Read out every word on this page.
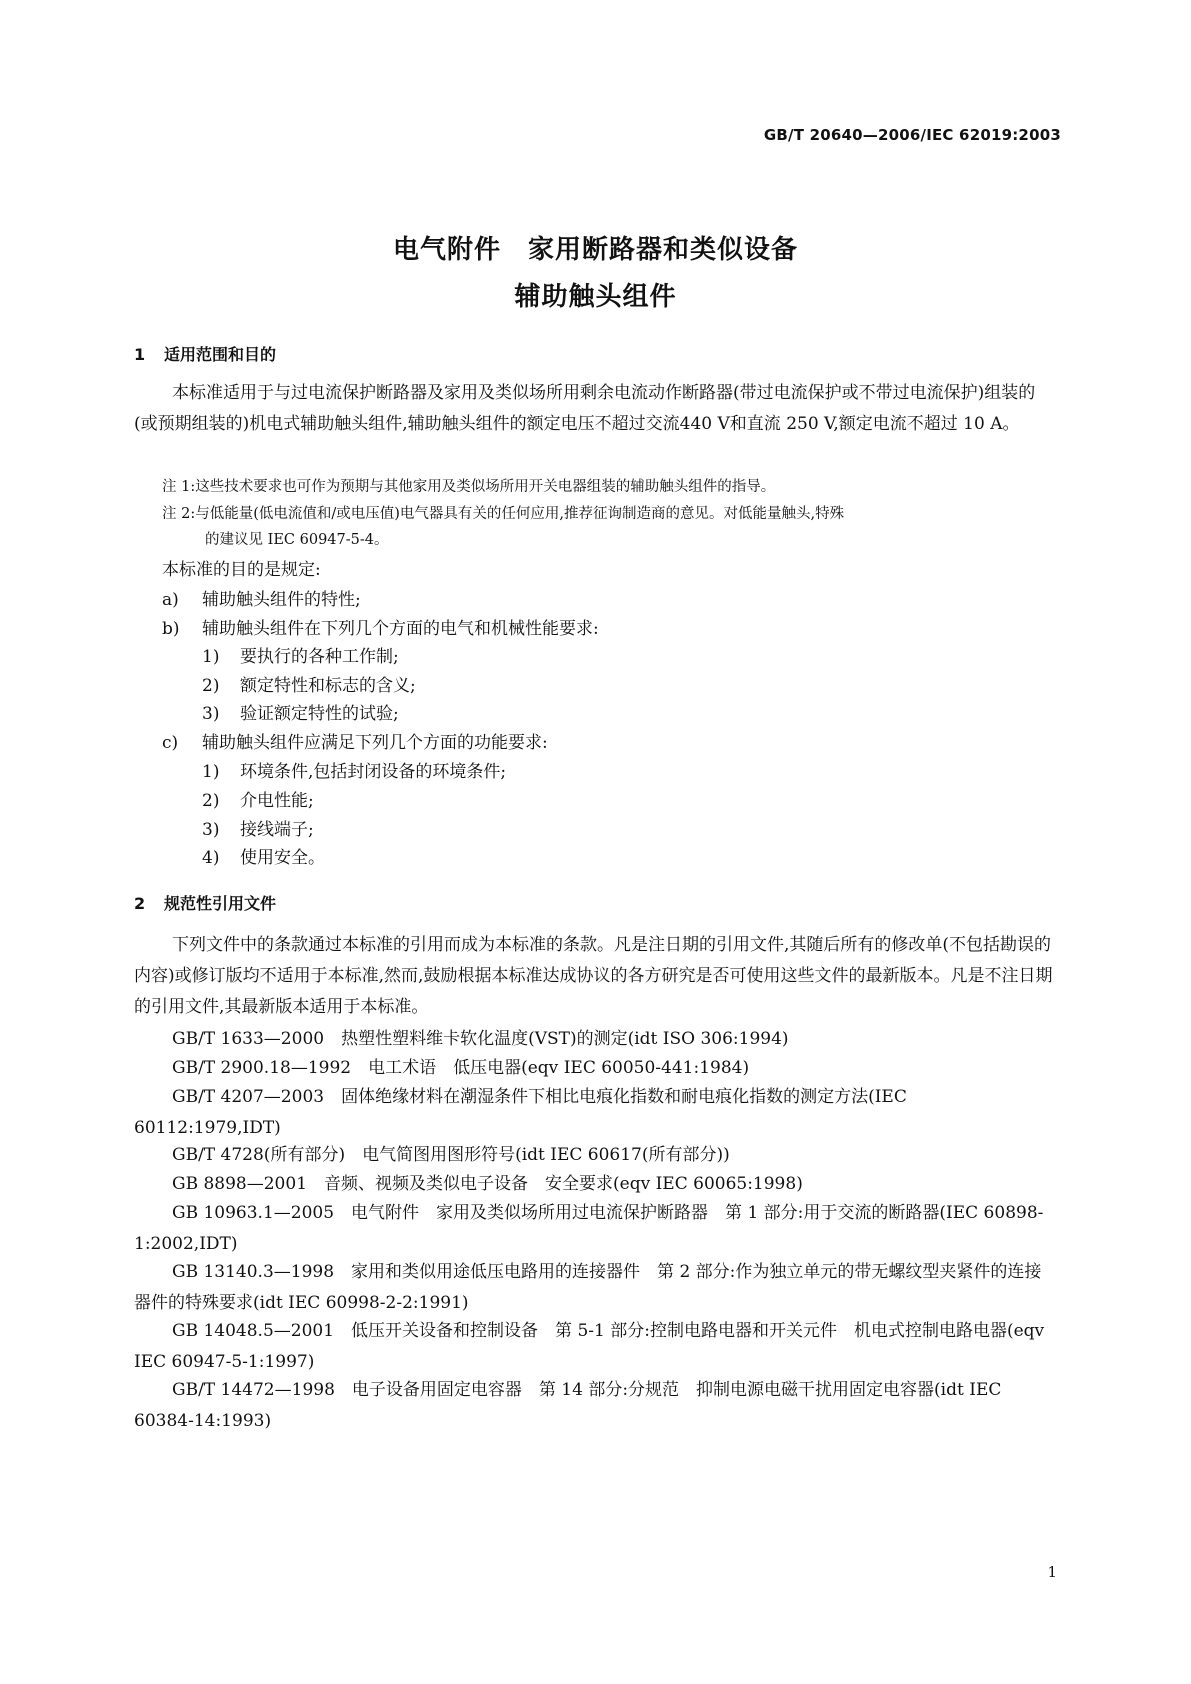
GB/T 20640—2006/IEC 62019:2003
电气附件　家用断路器和类似设备
辅助触头组件
1 适用范围和目的
本标准适用于与过电流保护断路器及家用及类似场所用剩余电流动作断路器(带过电流保护或不带过电流保护)组装的(或预期组装的)机电式辅助触头组件,辅助触头组件的额定电压不超过交流440 V和直流 250 V,额定电流不超过 10 A。
注 1:这些技术要求也可作为预期与其他家用及类似场所用开关电器组装的辅助触头组件的指导。
注 2:与低能量(低电流值和/或电压值)电气器具有关的任何应用,推荐征询制造商的意见。对低能量触头,特殊
的建议见 IEC 60947-5-4。
本标准的目的是规定:
a) 辅助触头组件的特性;
b) 辅助触头组件在下列几个方面的电气和机械性能要求:
1) 要执行的各种工作制;
2) 额定特性和标志的含义;
3) 验证额定特性的试验;
c) 辅助触头组件应满足下列几个方面的功能要求:
1) 环境条件,包括封闭设备的环境条件;
2) 介电性能;
3) 接线端子;
4) 使用安全。
2 规范性引用文件
下列文件中的条款通过本标准的引用而成为本标准的条款。凡是注日期的引用文件,其随后所有的修改单(不包括勘误的内容)或修订版均不适用于本标准,然而,鼓励根据本标准达成协议的各方研究是否可使用这些文件的最新版本。凡是不注日期的引用文件,其最新版本适用于本标准。
GB/T 1633—2000　热塑性塑料维卡软化温度(VST)的测定(idt ISO 306:1994)
GB/T 2900.18—1992　电工术语　低压电器(eqv IEC 60050-441:1984)
GB/T 4207—2003　固体绝缘材料在潮湿条件下相比电痕化指数和耐电痕化指数的测定方法(IEC 60112:1979,IDT)
GB/T 4728(所有部分)　电气简图用图形符号(idt IEC 60617(所有部分))
GB 8898—2001　音频、视频及类似电子设备　安全要求(eqv IEC 60065:1998)
GB 10963.1—2005　电气附件　家用及类似场所用过电流保护断路器　第 1 部分:用于交流的断路器(IEC 60898-1:2002,IDT)
GB 13140.3—1998　家用和类似用途低压电路用的连接器件　第 2 部分:作为独立单元的带无螺纹型夹紧件的连接器件的特殊要求(idt IEC 60998-2-2:1991)
GB 14048.5—2001　低压开关设备和控制设备　第 5-1 部分:控制电路电器和开关元件　机电式控制电路电器(eqv IEC 60947-5-1:1997)
GB/T 14472—1998　电子设备用固定电容器　第 14 部分:分规范　抑制电源电磁干扰用固定电容器(idt IEC 60384-14:1993)
1
